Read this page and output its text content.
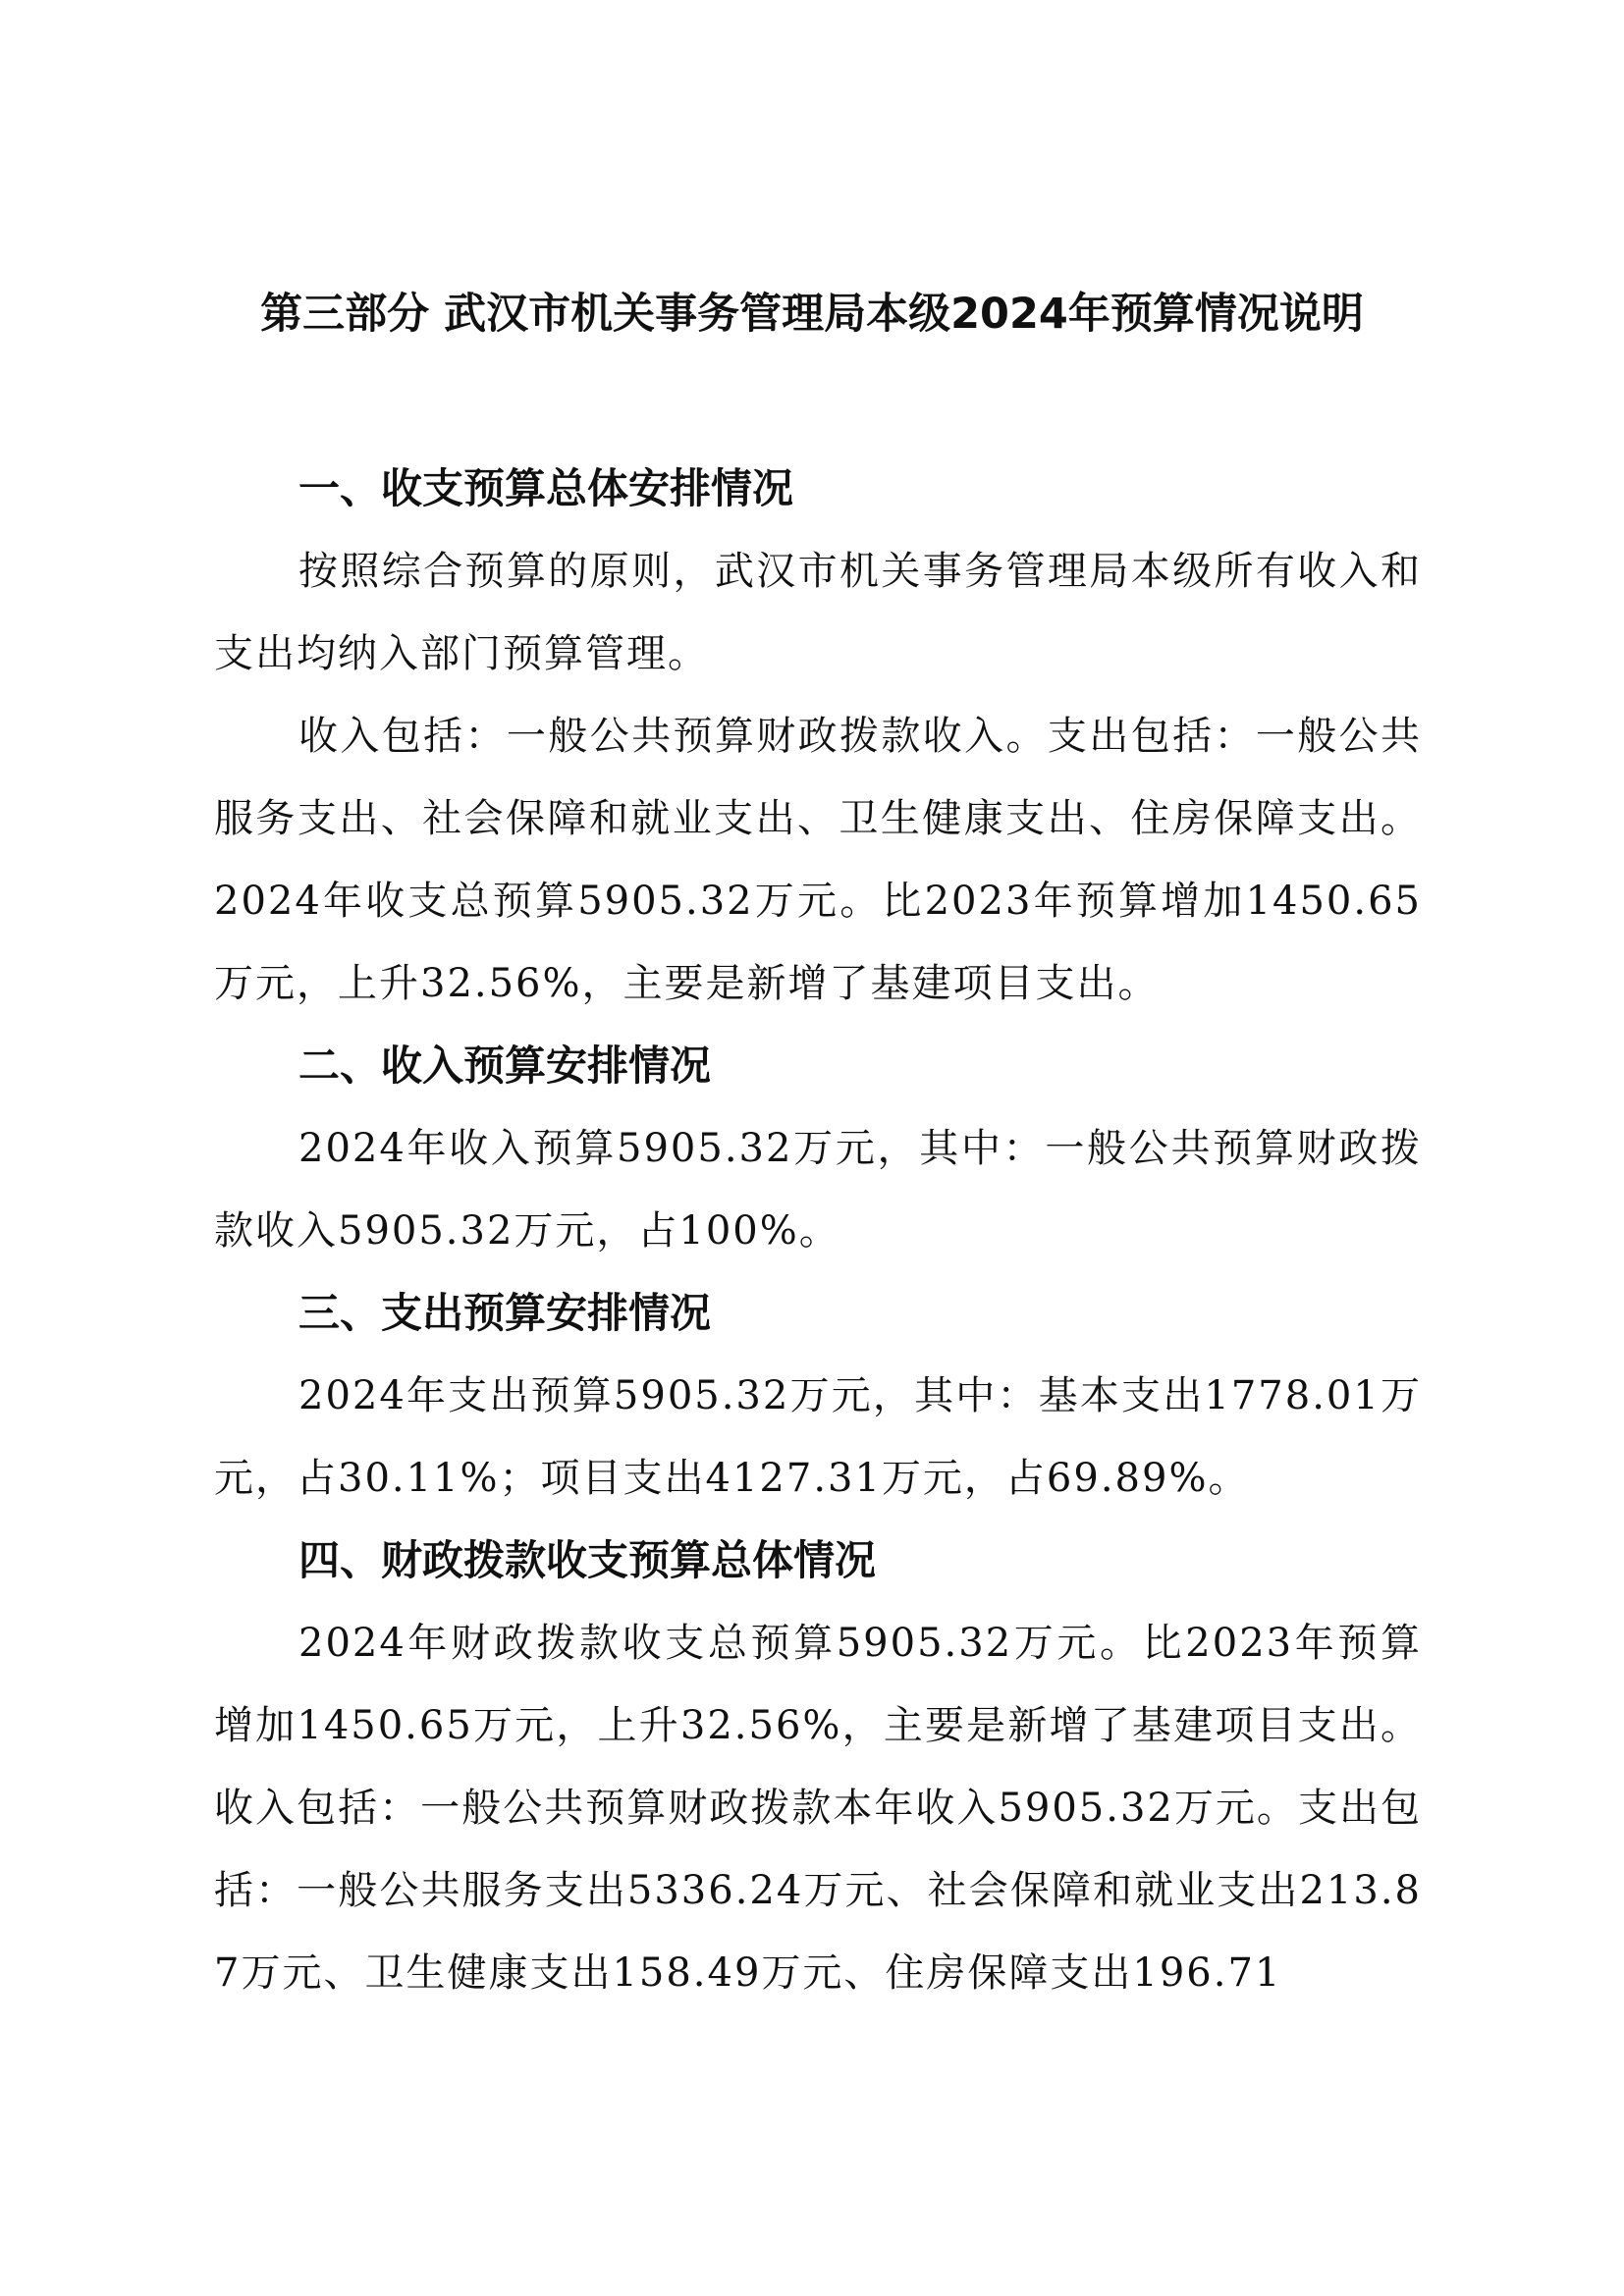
第三部分 武汉市机关事务管理局本级2024年预算情况说明
一、收支预算总体安排情况

按照综合预算的原则，武汉市机关事务管理局本级所有收入和支出均纳入部门预算管理。

收入包括：一般公共预算财政拨款收入。支出包括：一般公共服务支出、社会保障和就业支出、卫生健康支出、住房保障支出。2024年收支总预算5905.32万元。比2023年预算增加1450.65万元，上升32.56%，主要是新增了基建项目支出。

二、收入预算安排情况

2024年收入预算5905.32万元，其中：一般公共预算财政拨款收入5905.32万元，占100%。

三、支出预算安排情况

2024年支出预算5905.32万元，其中：基本支出1778.01万元，占30.11%；项目支出4127.31万元，占69.89%。

四、财政拨款收支预算总体情况

2024年财政拨款收支总预算5905.32万元。比2023年预算增加1450.65万元，上升32.56%，主要是新增了基建项目支出。收入包括：一般公共预算财政拨款本年收入5905.32万元。支出包括：一般公共服务支出5336.24万元、社会保障和就业支出213.87万元、卫生健康支出158.49万元、住房保障支出196.71
